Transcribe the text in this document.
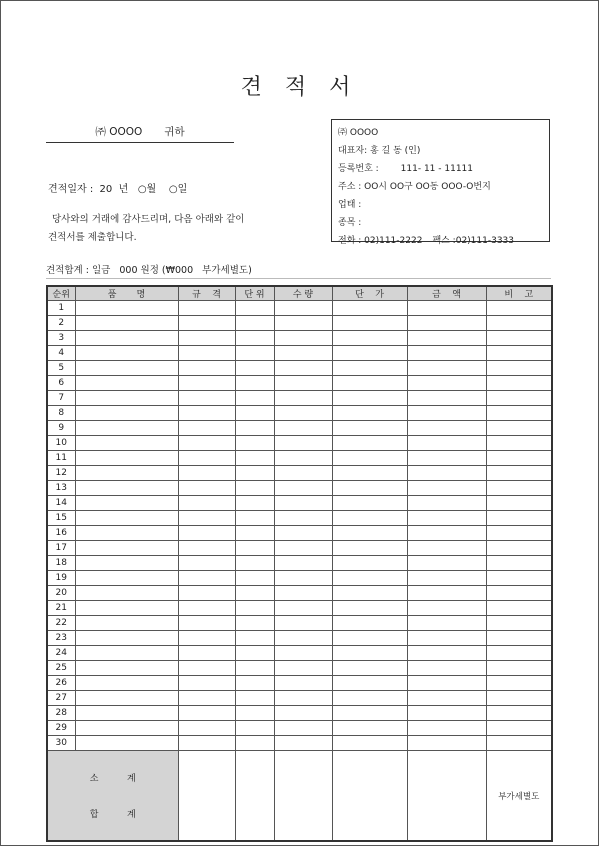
견 적 서
㈜ OOOO 귀하
견적일자 :  20  년   ○월    ○일
당사와의 거래에 감사드리며, 다음 아래와 같이
견적서를 제출합니다.
㈜ OOOO
대표자: 홍 길 동 (인)
등록번호 : 111- 11 - 11111
주소 : OO시 OO구 OO동 OOO-O번지
업태 :
종목 :
전화 : 02)111-2222 팩스 :02)111-3333
견적합계 : 일금   000 원정 (₩000   부가세별도)
순위	품       명	규    격	단 위	수 량	단    가	금    액	비    고
1							
2							
3							
4							
5							
6							
7							
8							
9							
10							
11							
12							
13							
14							
15							
16							
17							
18							
19							
20							
21							
22							
23							
24							
25							
26							
27							
28							
29							
30							

소          계

합          계							부가세별도
